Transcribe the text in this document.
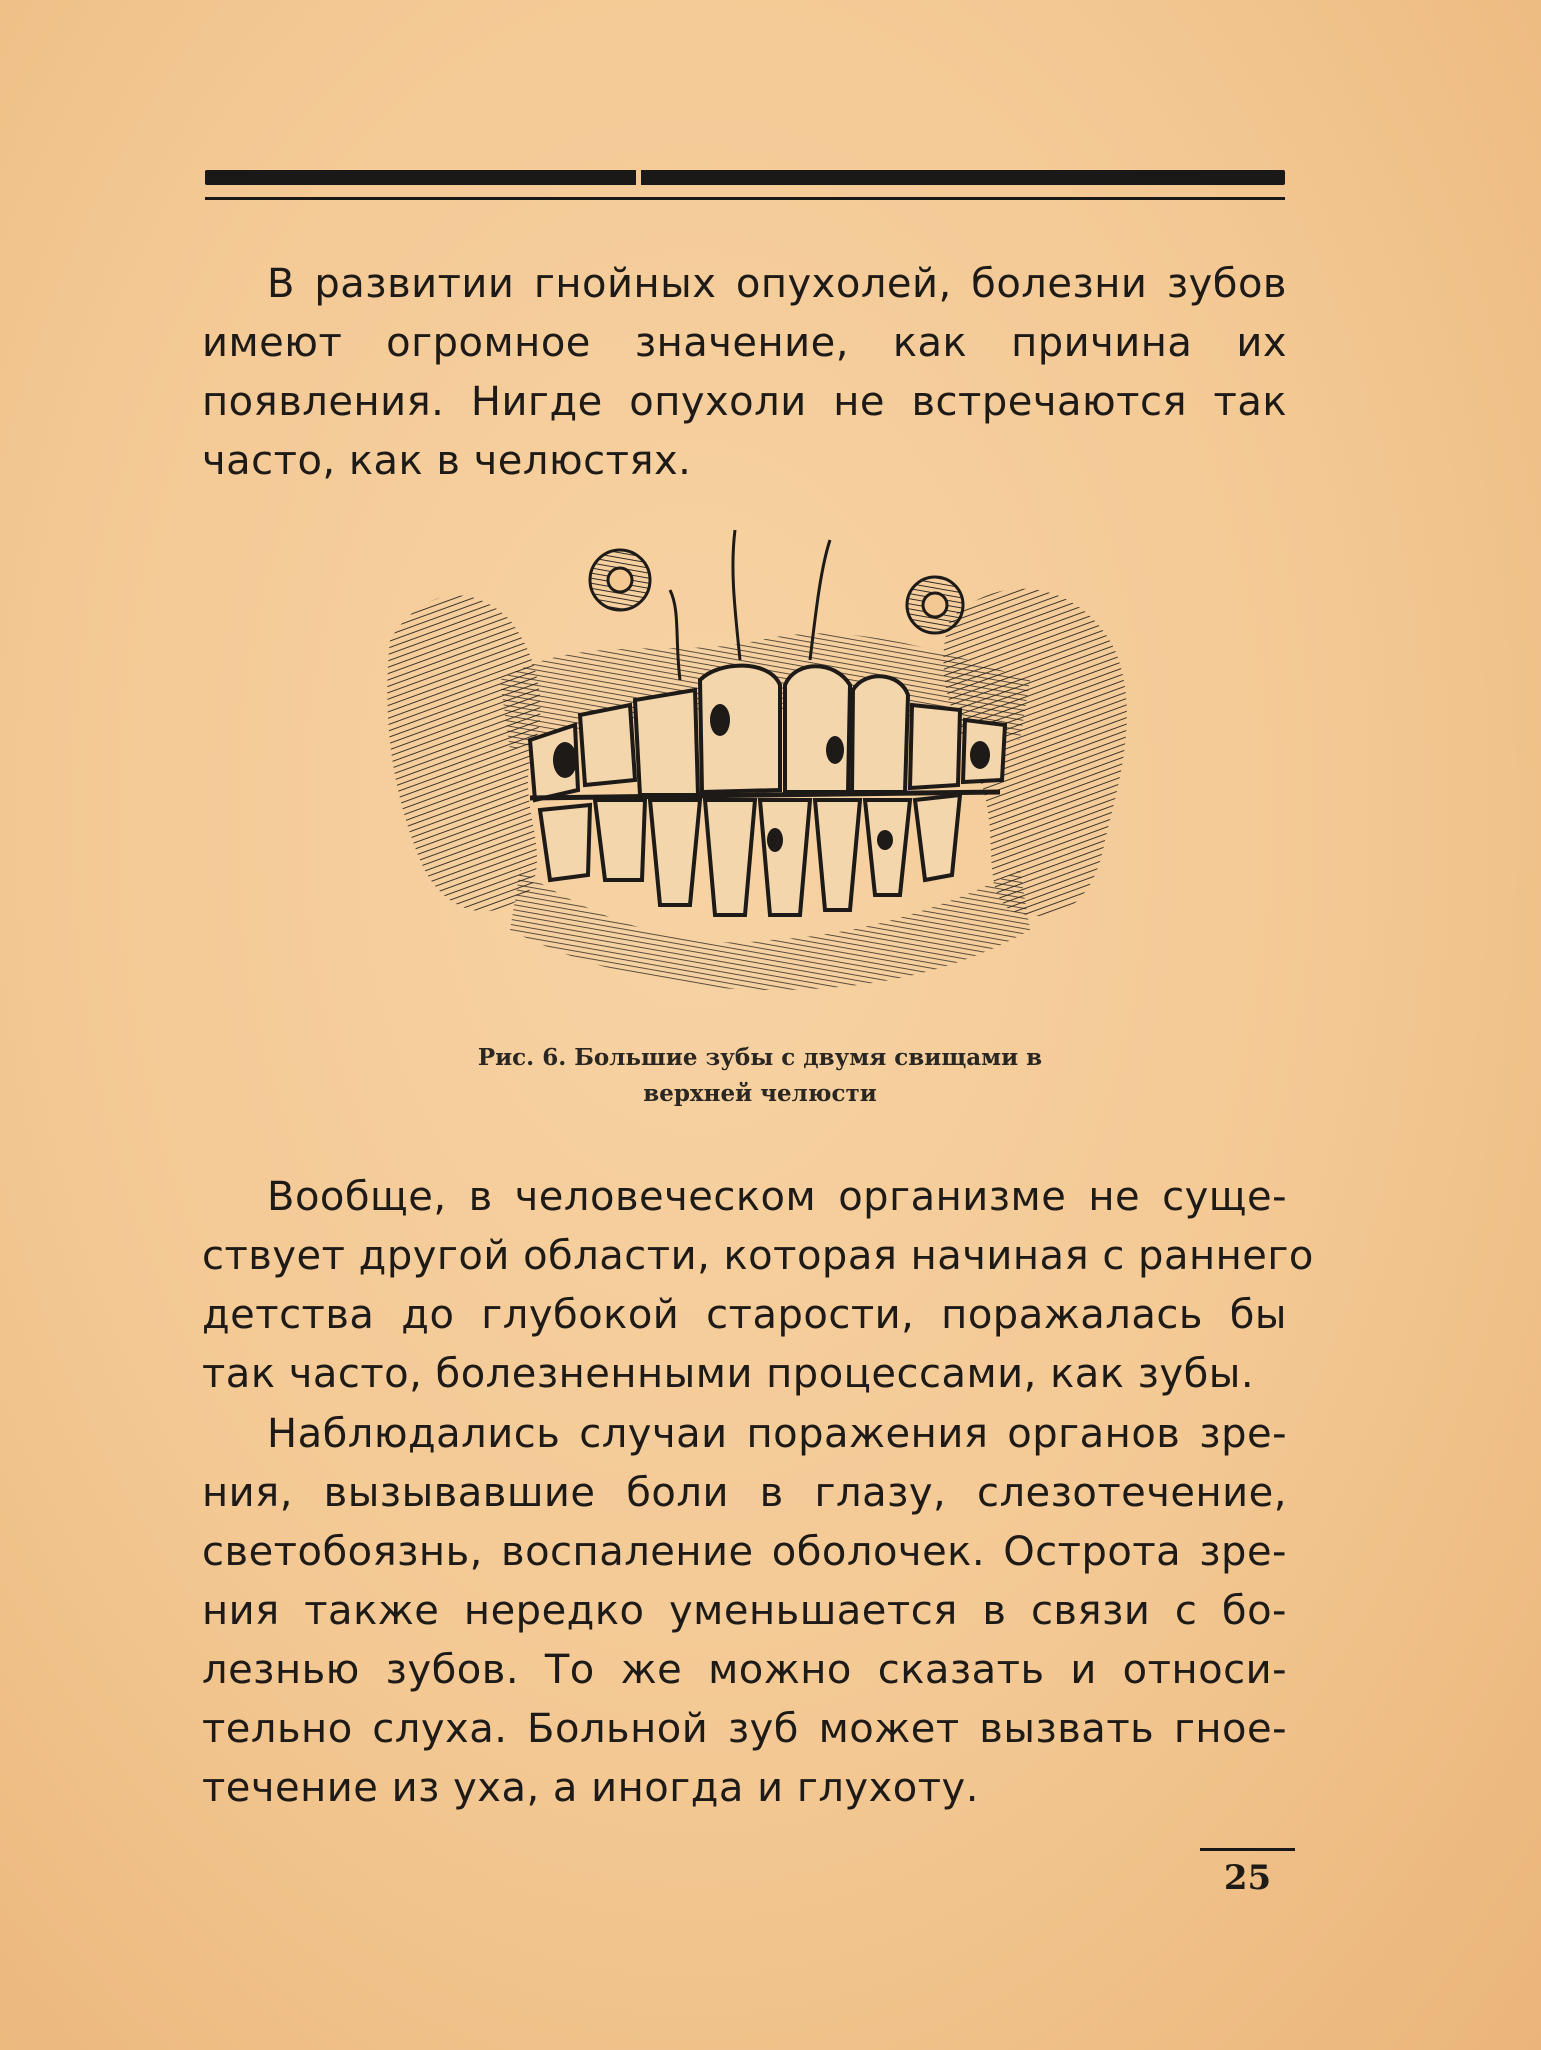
В развитии гнойных опухолей, болезни зубов
имеют огромное значение, как причина их
появления. Нигде опухоли не встречаются так
часто, как в челюстях.

Рис. 6. Большие зубы с двумя свищами в
верхней челюсти

Вообще, в человеческом организме не суще-
ствует другой области, которая начиная с раннего
детства до глубокой старости, поражалась бы
так часто, болезненными процессами, как зубы.

Наблюдались случаи поражения органов зре-
ния, вызывавшие боли в глазу, слезотечение,
светобоязнь, воспаление оболочек. Острота зре-
ния также нередко уменьшается в связи с бо-
лезнью зубов. То же можно сказать и относи-
тельно слуха. Больной зуб может вызвать гное-
течение из уха, а иногда и глухоту.

25
